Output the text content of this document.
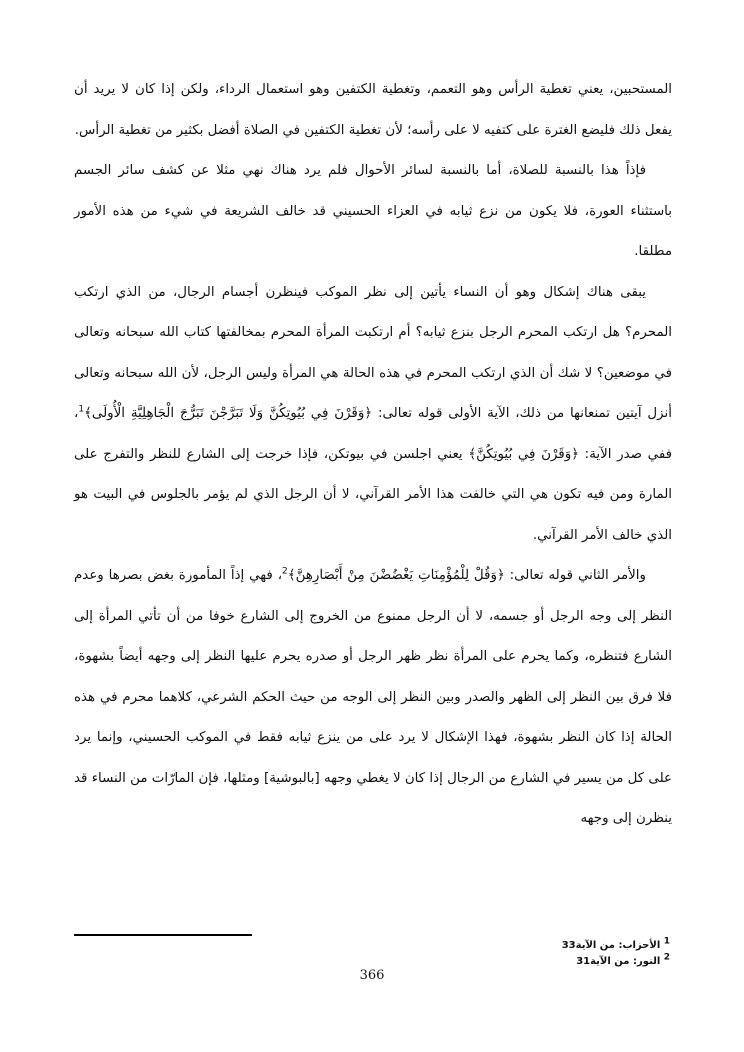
المستحبين، يعني تغطية الرأس وهو التعمم، وتغطية الكتفين وهو استعمال الرداء، ولكن إذا كان لا يريد أن يفعل ذلك فليضع الغترة على كتفيه لا على رأسه؛ لأن تغطية الكتفين في الصلاة أفضل بكثير من تغطية الرأس.

فإذاً هذا بالنسبة للصلاة، أما بالنسبة لسائر الأحوال فلم يرد هناك نهي مثلا عن كشف سائر الجسم باستثناء العورة، فلا يكون من نزع ثيابه في العزاء الحسيني قد خالف الشريعة في شيء من هذه الأمور مطلقا.

يبقى هناك إشكال وهو أن النساء يأتين إلى نظر الموكب فينظرن أجسام الرجال، من الذي ارتكب المحرم؟ هل ارتكب المحرم الرجل بنزع ثيابه؟ أم ارتكبت المرأة المحرم بمخالفتها كتاب الله سبحانه وتعالى في موضعين؟ لا شك أن الذي ارتكب المحرم في هذه الحالة هي المرأة وليس الرجل، لأن الله سبحانه وتعالى أنزل آيتين تمنعانها من ذلك، الآية الأولى قوله تعالى: ﴿وَقَرْنَ فِي بُيُوتِكُنَّ وَلَا تَبَرَّجْنَ تَبَرُّجَ الْجَاهِلِيَّةِ الْأُولَى﴾$^1$، ففي صدر الآية: ﴿وَقَرْنَ فِي بُيُوتِكُنَّ﴾ يعني اجلسن في بيوتكن، فإذا خرجت إلى الشارع للنظر والتفرج على المارة ومن فيه تكون هي التي خالفت هذا الأمر القرآني، لا أن الرجل الذي لم يؤمر بالجلوس في البيت هو الذي خالف الأمر القرآني.

والأمر الثاني قوله تعالى: ﴿وَقُلْ لِلْمُؤْمِنَاتِ يَغْضُضْنَ مِنْ أَبْصَارِهِنَّ﴾$^2$، فهي إذاً المأمورة بغض بصرها وعدم النظر إلى وجه الرجل أو جسمه، لا أن الرجل ممنوع من الخروج إلى الشارع خوفا من أن تأتي المرأة إلى الشارع فتنظره، وكما يحرم على المرأة نظر ظهر الرجل أو صدره يحرم عليها النظر إلى وجهه أيضاً بشهوة، فلا فرق بين النظر إلى الظهر والصدر وبين النظر إلى الوجه من حيث الحكم الشرعي، كلاهما محرم في هذه الحالة إذا كان النظر بشهوة، فهذا الإشكال لا يرد على من ينزع ثيابه فقط في الموكب الحسيني، وإنما يرد على كل من يسير في الشارع من الرجال إذا كان لا يغطي وجهه [بالبوشية] ومثلها، فإن المارّات من النساء قد ينظرن إلى وجهه

$^1$ الأحزاب: من الآية33
$^2$ النور: من الآية31
366
